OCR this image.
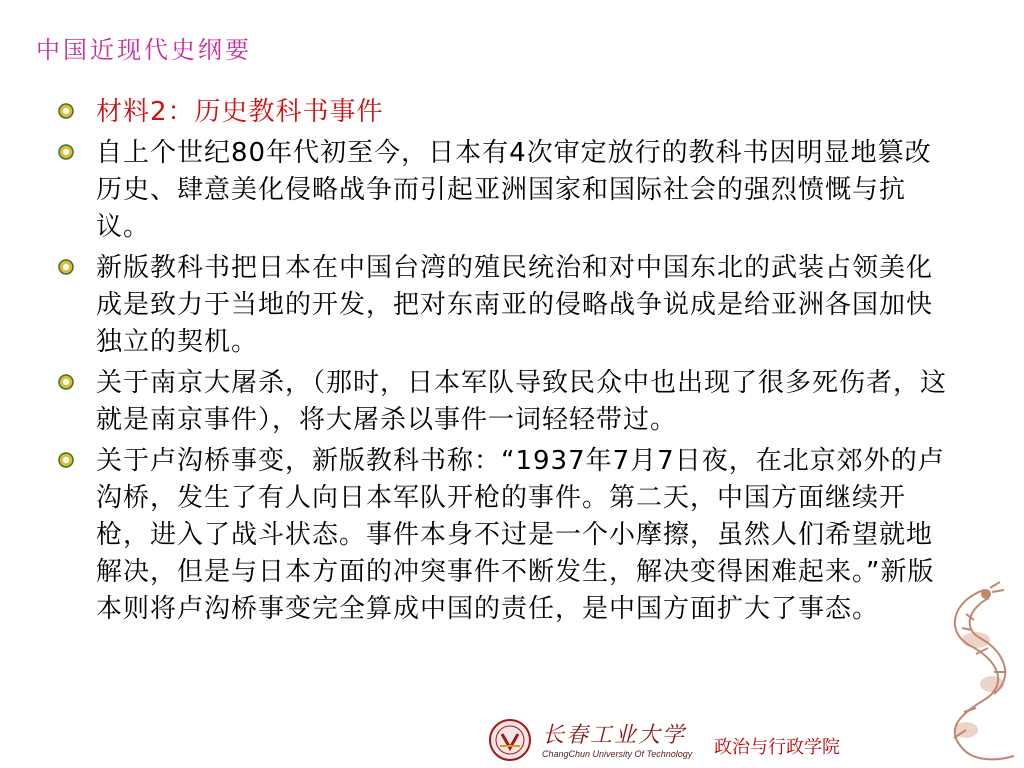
中国近现代史纲要
材料2：历史教科书事件
自上个世纪80年代初至今，日本有4次审定放行的教科书因明显地篡改历史、肆意美化侵略战争而引起亚洲国家和国际社会的强烈愤慨与抗议。
新版教科书把日本在中国台湾的殖民统治和对中国东北的武装占领美化成是致力于当地的开发，把对东南亚的侵略战争说成是给亚洲各国加快独立的契机。
关于南京大屠杀，（那时，日本军队导致民众中也出现了很多死伤者，这就是南京事件），将大屠杀以事件一词轻轻带过。
关于卢沟桥事变，新版教科书称：“1937年7月7日夜，在北京郊外的卢沟桥，发生了有人向日本军队开枪的事件。第二天，中国方面继续开枪，进入了战斗状态。事件本身不过是一个小摩擦，虽然人们希望就地解决，但是与日本方面的冲突事件不断发生，解决变得困难起来。”新版本则将卢沟桥事变完全算成中国的责任，是中国方面扩大了事态。
长春工业大学
ChangChun University Of Technology 政治与行政学院
